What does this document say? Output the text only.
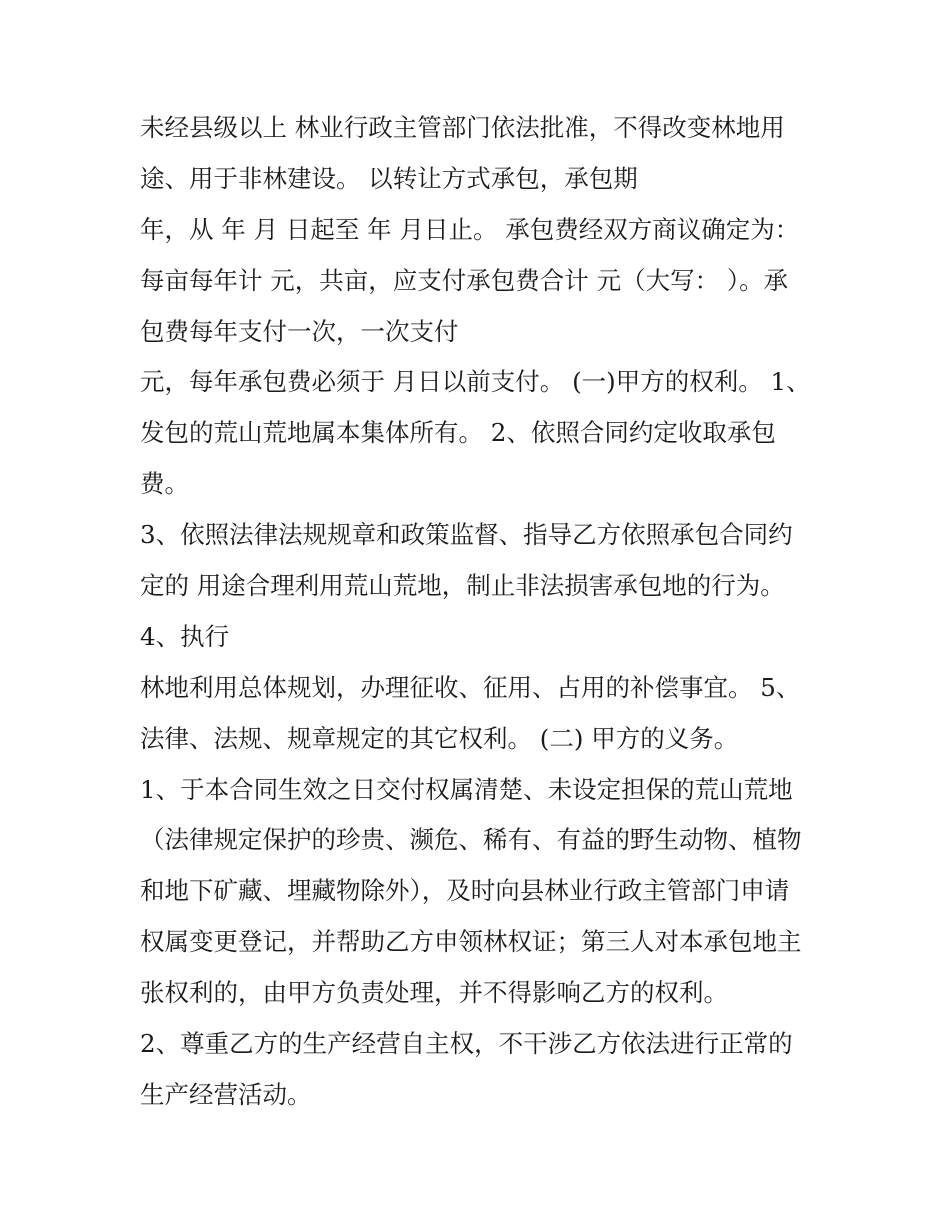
未经县级以上 林业行政主管部门依法批准，不得改变林地用
途、用于非林建设。 以转让方式承包，承包期
年，从 年 月 日起至 年 月日止。 承包费经双方商议确定为：
每亩每年计 元，共亩，应支付承包费合计 元（大写： ）。承
包费每年支付一次，一次支付
元，每年承包费必须于 月日以前支付。 (一)甲方的权利。 1、
发包的荒山荒地属本集体所有。 2、依照合同约定收取承包
费。
3、依照法律法规规章和政策监督、指导乙方依照承包合同约
定的 用途合理利用荒山荒地，制止非法损害承包地的行为。
4、执行
林地利用总体规划，办理征收、征用、占用的补偿事宜。 5、
法律、法规、规章规定的其它权利。 (二) 甲方的义务。
1、于本合同生效之日交付权属清楚、未设定担保的荒山荒地
（法律规定保护的珍贵、濒危、稀有、有益的野生动物、植物
和地下矿藏、埋藏物除外），及时向县林业行政主管部门申请
权属变更登记，并帮助乙方申领林权证；第三人对本承包地主
张权利的，由甲方负责处理，并不得影响乙方的权利。
2、尊重乙方的生产经营自主权，不干涉乙方依法进行正常的
生产经营活动。
